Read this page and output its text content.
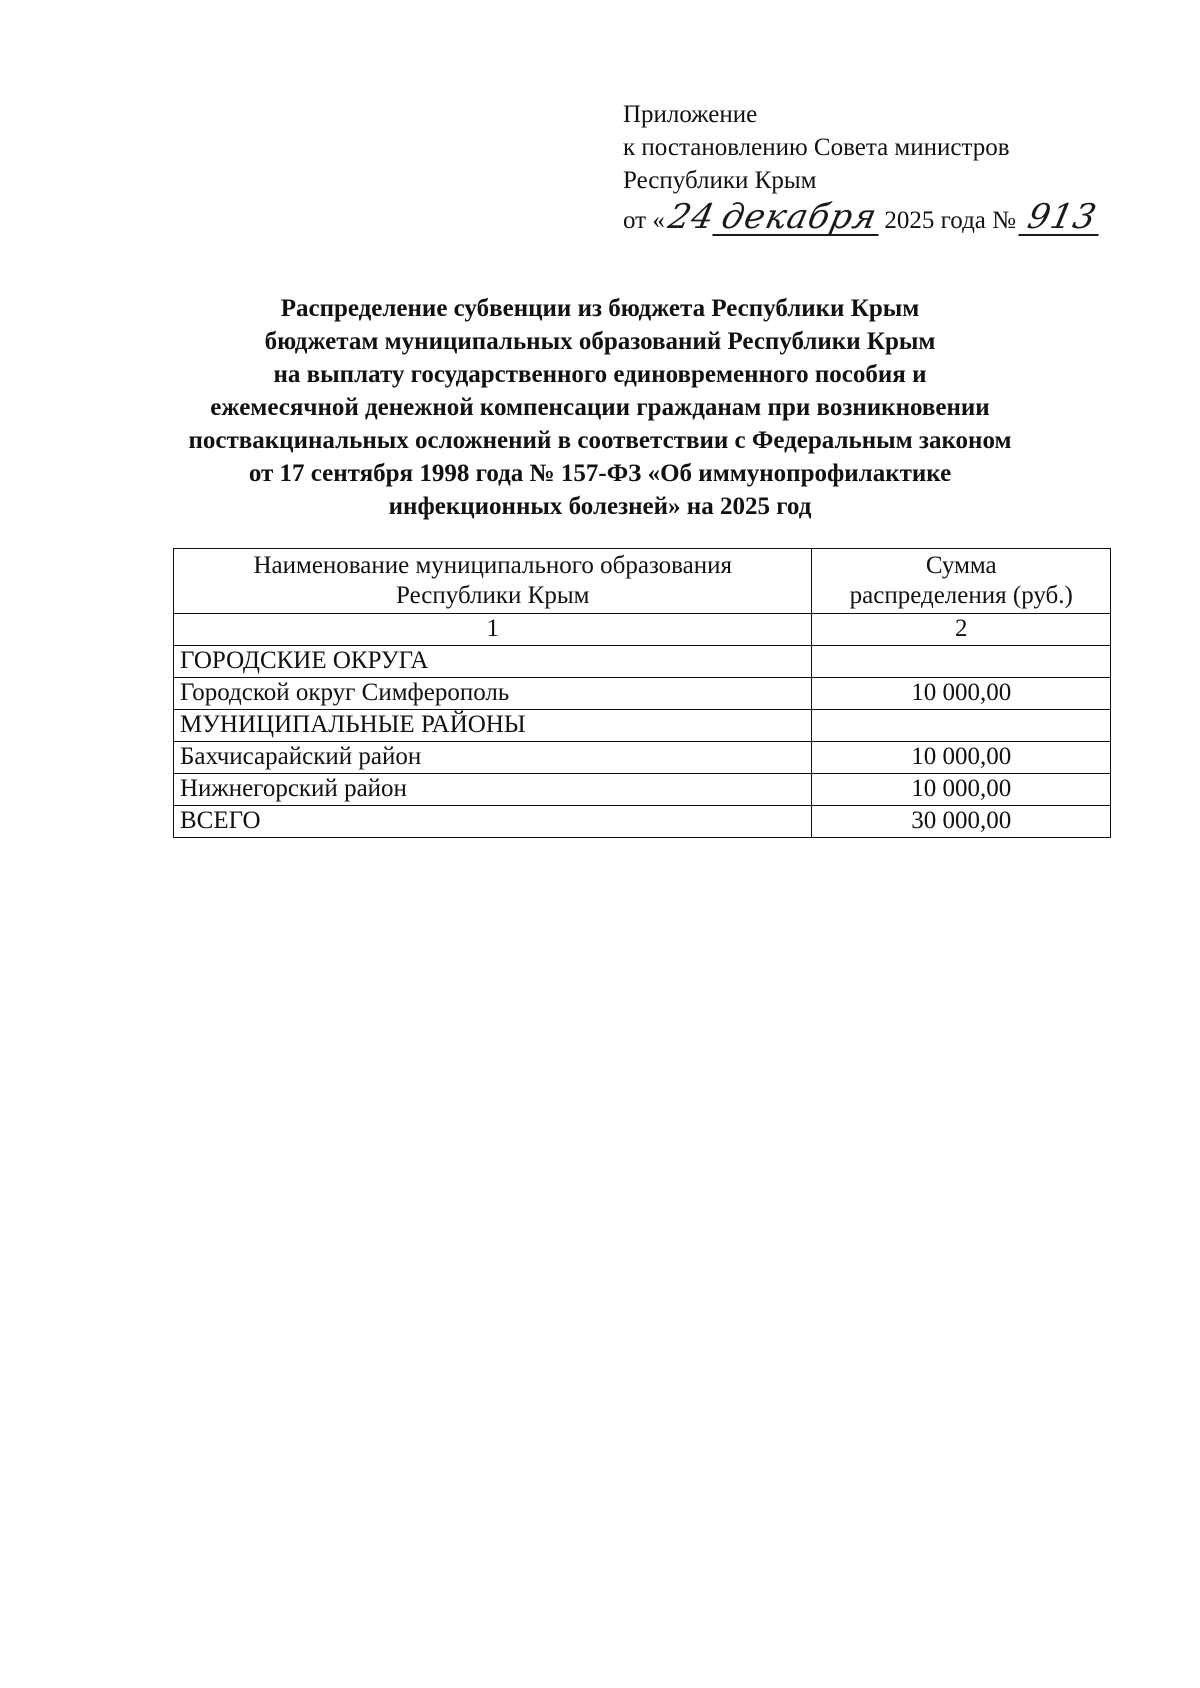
Приложение
к постановлению Совета министров
Республики Крым
от «24декабря 2025 года № 913
Распределение субвенции из бюджета Республики Крым
бюджетам муниципальных образований Республики Крым
на выплату государственного единовременного пособия и
ежемесячной денежной компенсации гражданам при возникновении
поствакцинальных осложнений в соответствии с Федеральным законом
от 17 сентября 1998 года № 157-ФЗ «Об иммунопрофилактике
инфекционных болезней» на 2025 год
Наименование муниципального образования
Республики Крым	Сумма
распределения (руб.)

1	2
ГОРОДСКИЕ ОКРУГА	
Городской округ Симферополь	10 000,00
МУНИЦИПАЛЬНЫЕ РАЙОНЫ	
Бахчисарайский район	10 000,00
Нижнегорский район	10 000,00
ВСЕГО	30 000,00
